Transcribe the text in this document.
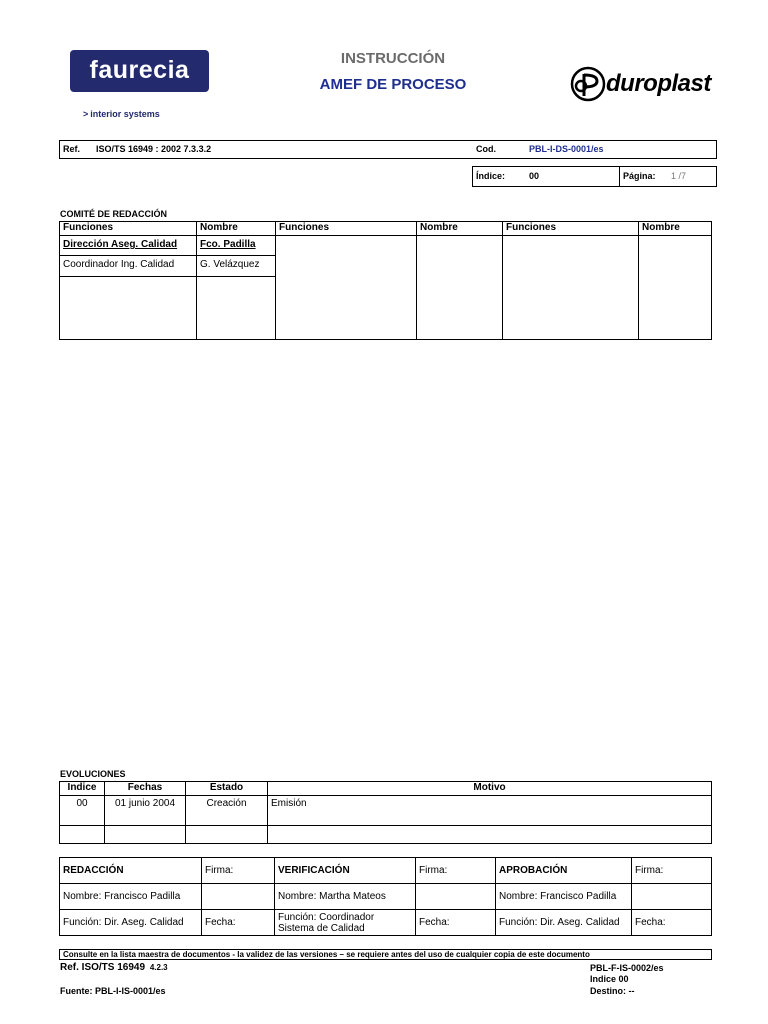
faurecia
> interior systems
INSTRUCCIÓN
AMEF DE PROCESO	duroplast
Ref. ISO/TS 16949 : 2002 7.3.3.2	Cod.	PBL-I-DS-0001/es
Índice:	00	Página: 1 /7
COMITÉ DE REDACCIÓN
Funciones	Nombre	Funciones	Nombre	Funciones	Nombre
Dirección Aseg. Calidad	Fco. Padilla				
Coordinador Ing. Calidad	G. Velázquez				

EVOLUCIONES
Indice	Fechas	Estado	Motivo
00	01 junio 2004	Creación	Emisión

REDACCIÓN	Firma:	VERIFICACIÓN	Firma:	APROBACIÓN	Firma:
Nombre: Francisco Padilla		Nombre: Martha Mateos		Nombre: Francisco Padilla	
Función: Dir. Aseg. Calidad	Fecha:	Función: Coordinador Sistema de Calidad	Fecha:	Función: Dir. Aseg. Calidad	Fecha:
Consulte en la lista maestra de documentos - la validez de las versiones – se requiere antes del uso de cualquier copia de este documento
Ref. ISO/TS 16949 4.2.3
Fuente: PBL-I-IS-0001/es
PBL-F-IS-0002/es
Indice 00
Destino: --
